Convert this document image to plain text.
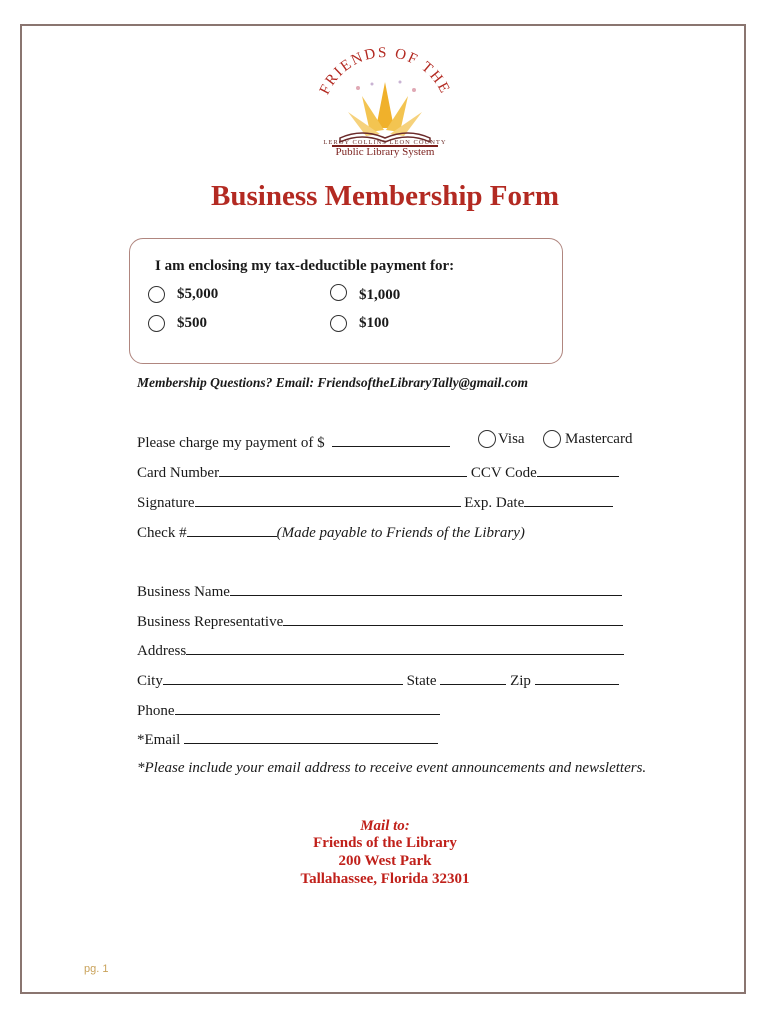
FRIENDS OF THE
LEROY COLLINS LEON COUNTY
Public Library System
Business Membership Form
I am enclosing my tax-deductible payment for:
$5,000	$1,000
$500	$100
Membership Questions? Email: FriendsoftheLibraryTally@gmail.com
Please charge my payment of $	Visa	Mastercard
Card Number	CCV Code
Signature	Exp. Date
Check #	(Made payable to Friends of the Library)
Business Name
Business Representative
Address
City	State	Zip
Phone
*Email
*Please include your email address to receive event announcements and newsletters.
Mail to:
Friends of the Library
200 West Park
Tallahassee, Florida 32301
pg. 1
